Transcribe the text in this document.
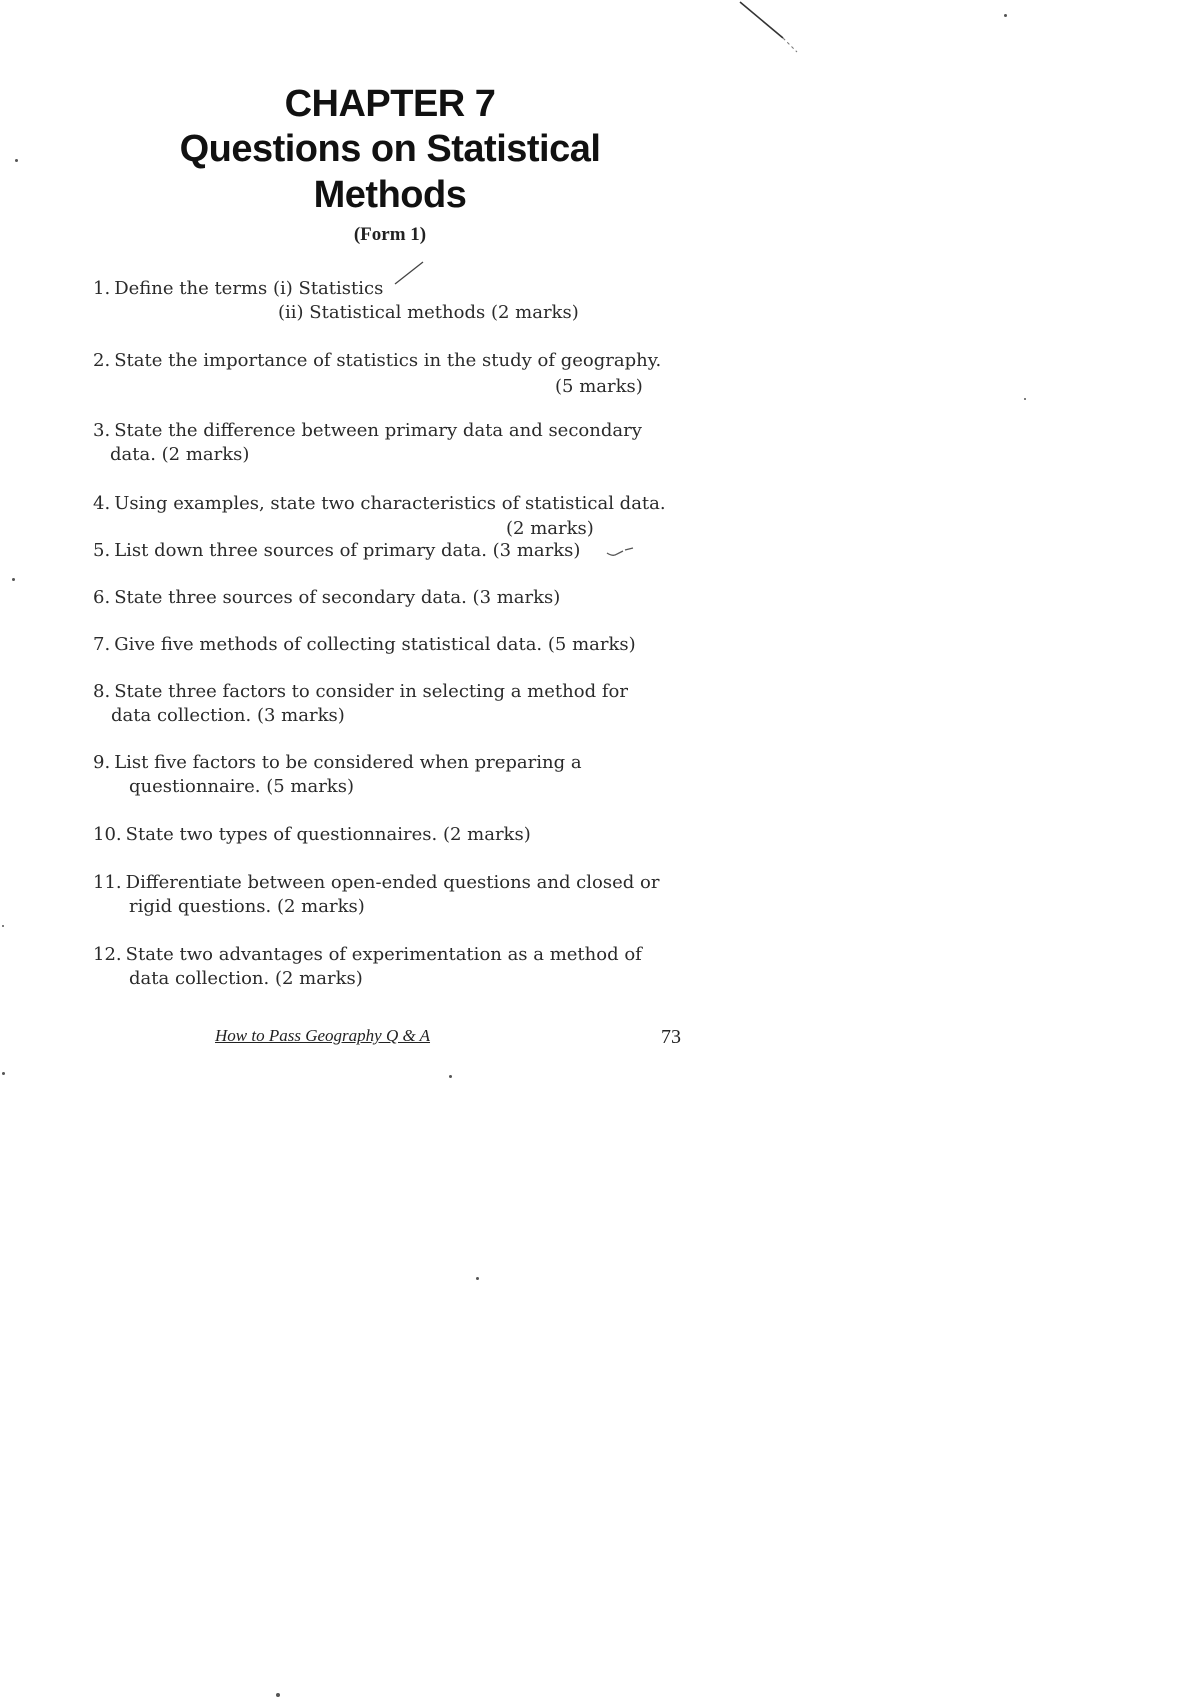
CHAPTER 7
Questions on Statistical
Methods
(Form 1)
1. Define the terms (i) Statistics
(ii) Statistical methods (2 marks)
2. State the importance of statistics in the study of geography.
(5 marks)
3. State the difference between primary data and secondary
data. (2 marks)
4. Using examples, state two characteristics of statistical data.
(2 marks)
5. List down three sources of primary data. (3 marks)
6. State three sources of secondary data. (3 marks)
7. Give five methods of collecting statistical data. (5 marks)
8. State three factors to consider in selecting a method for
data collection. (3 marks)
9. List five factors to be considered when preparing a
questionnaire. (5 marks)
10. State two types of questionnaires. (2 marks)
11. Differentiate between open-ended questions and closed or
rigid questions. (2 marks)
12. State two advantages of experimentation as a method of
data collection. (2 marks)
How to Pass Geography Q & A	73
